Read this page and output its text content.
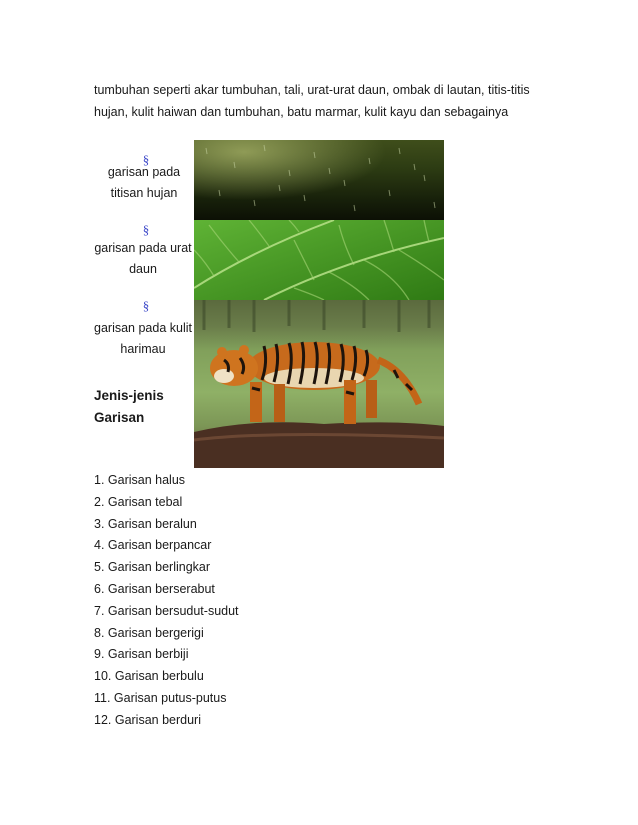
tumbuhan seperti akar tumbuhan, tali, urat-urat daun, ombak di lautan, titis-titis

hujan, kulit haiwan dan tumbuhan, batu marmar, kulit kayu dan sebagainya

§
garisan pada
titisan hujan
§
garisan pada urat
daun
§
garisan pada kulit
harimau
Jenis-jenis
Garisan
1. Garisan halus
2. Garisan tebal
3. Garisan beralun
4. Garisan berpancar
5. Garisan berlingkar
6. Garisan berserabut
7. Garisan bersudut-sudut
8. Garisan bergerigi
9. Garisan berbiji
10. Garisan berbulu
11. Garisan putus-putus
12. Garisan berduri
